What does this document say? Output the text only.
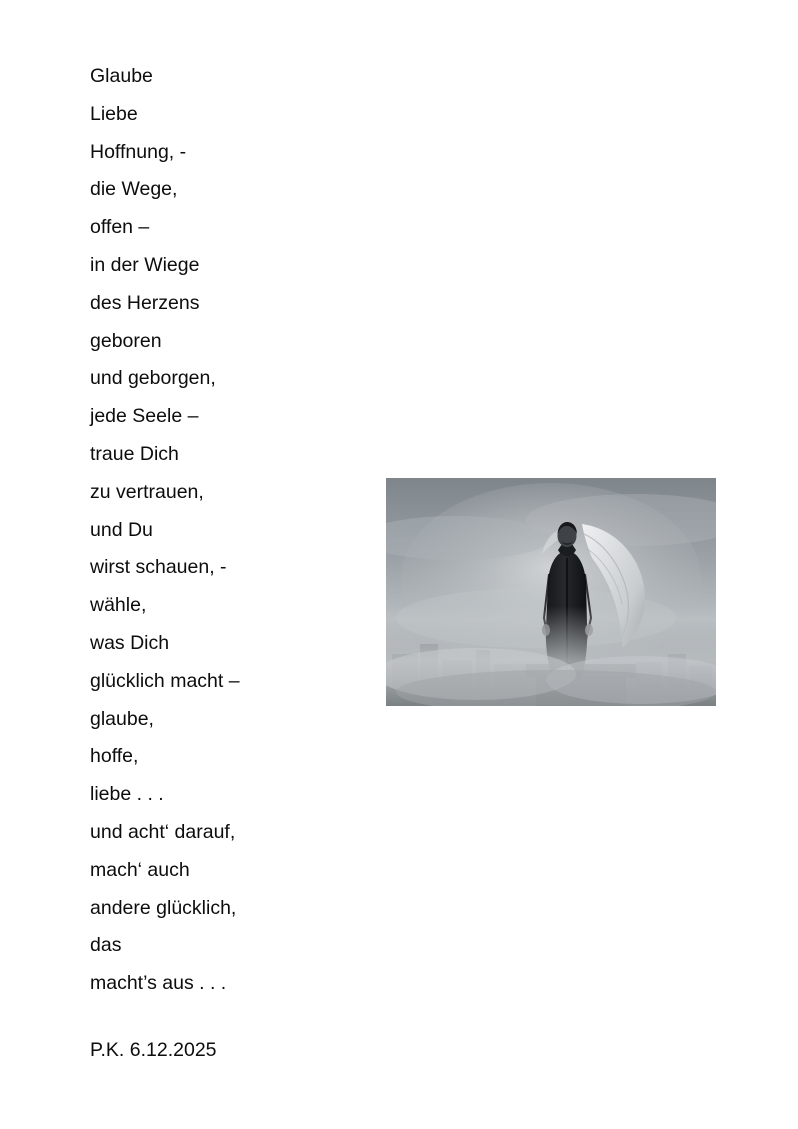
Glaube
Liebe
Hoffnung, -
die Wege,
offen –
in der Wiege
des Herzens
geboren
und geborgen,
jede Seele –
traue Dich
zu vertrauen,
und Du
wirst schauen, -
wähle,
was Dich
glücklich macht –
glaube,
hoffe,
liebe . . .
und acht‘ darauf,
mach‘ auch
andere glücklich,
das
macht’s aus . . .
P.K. 6.12.2025
